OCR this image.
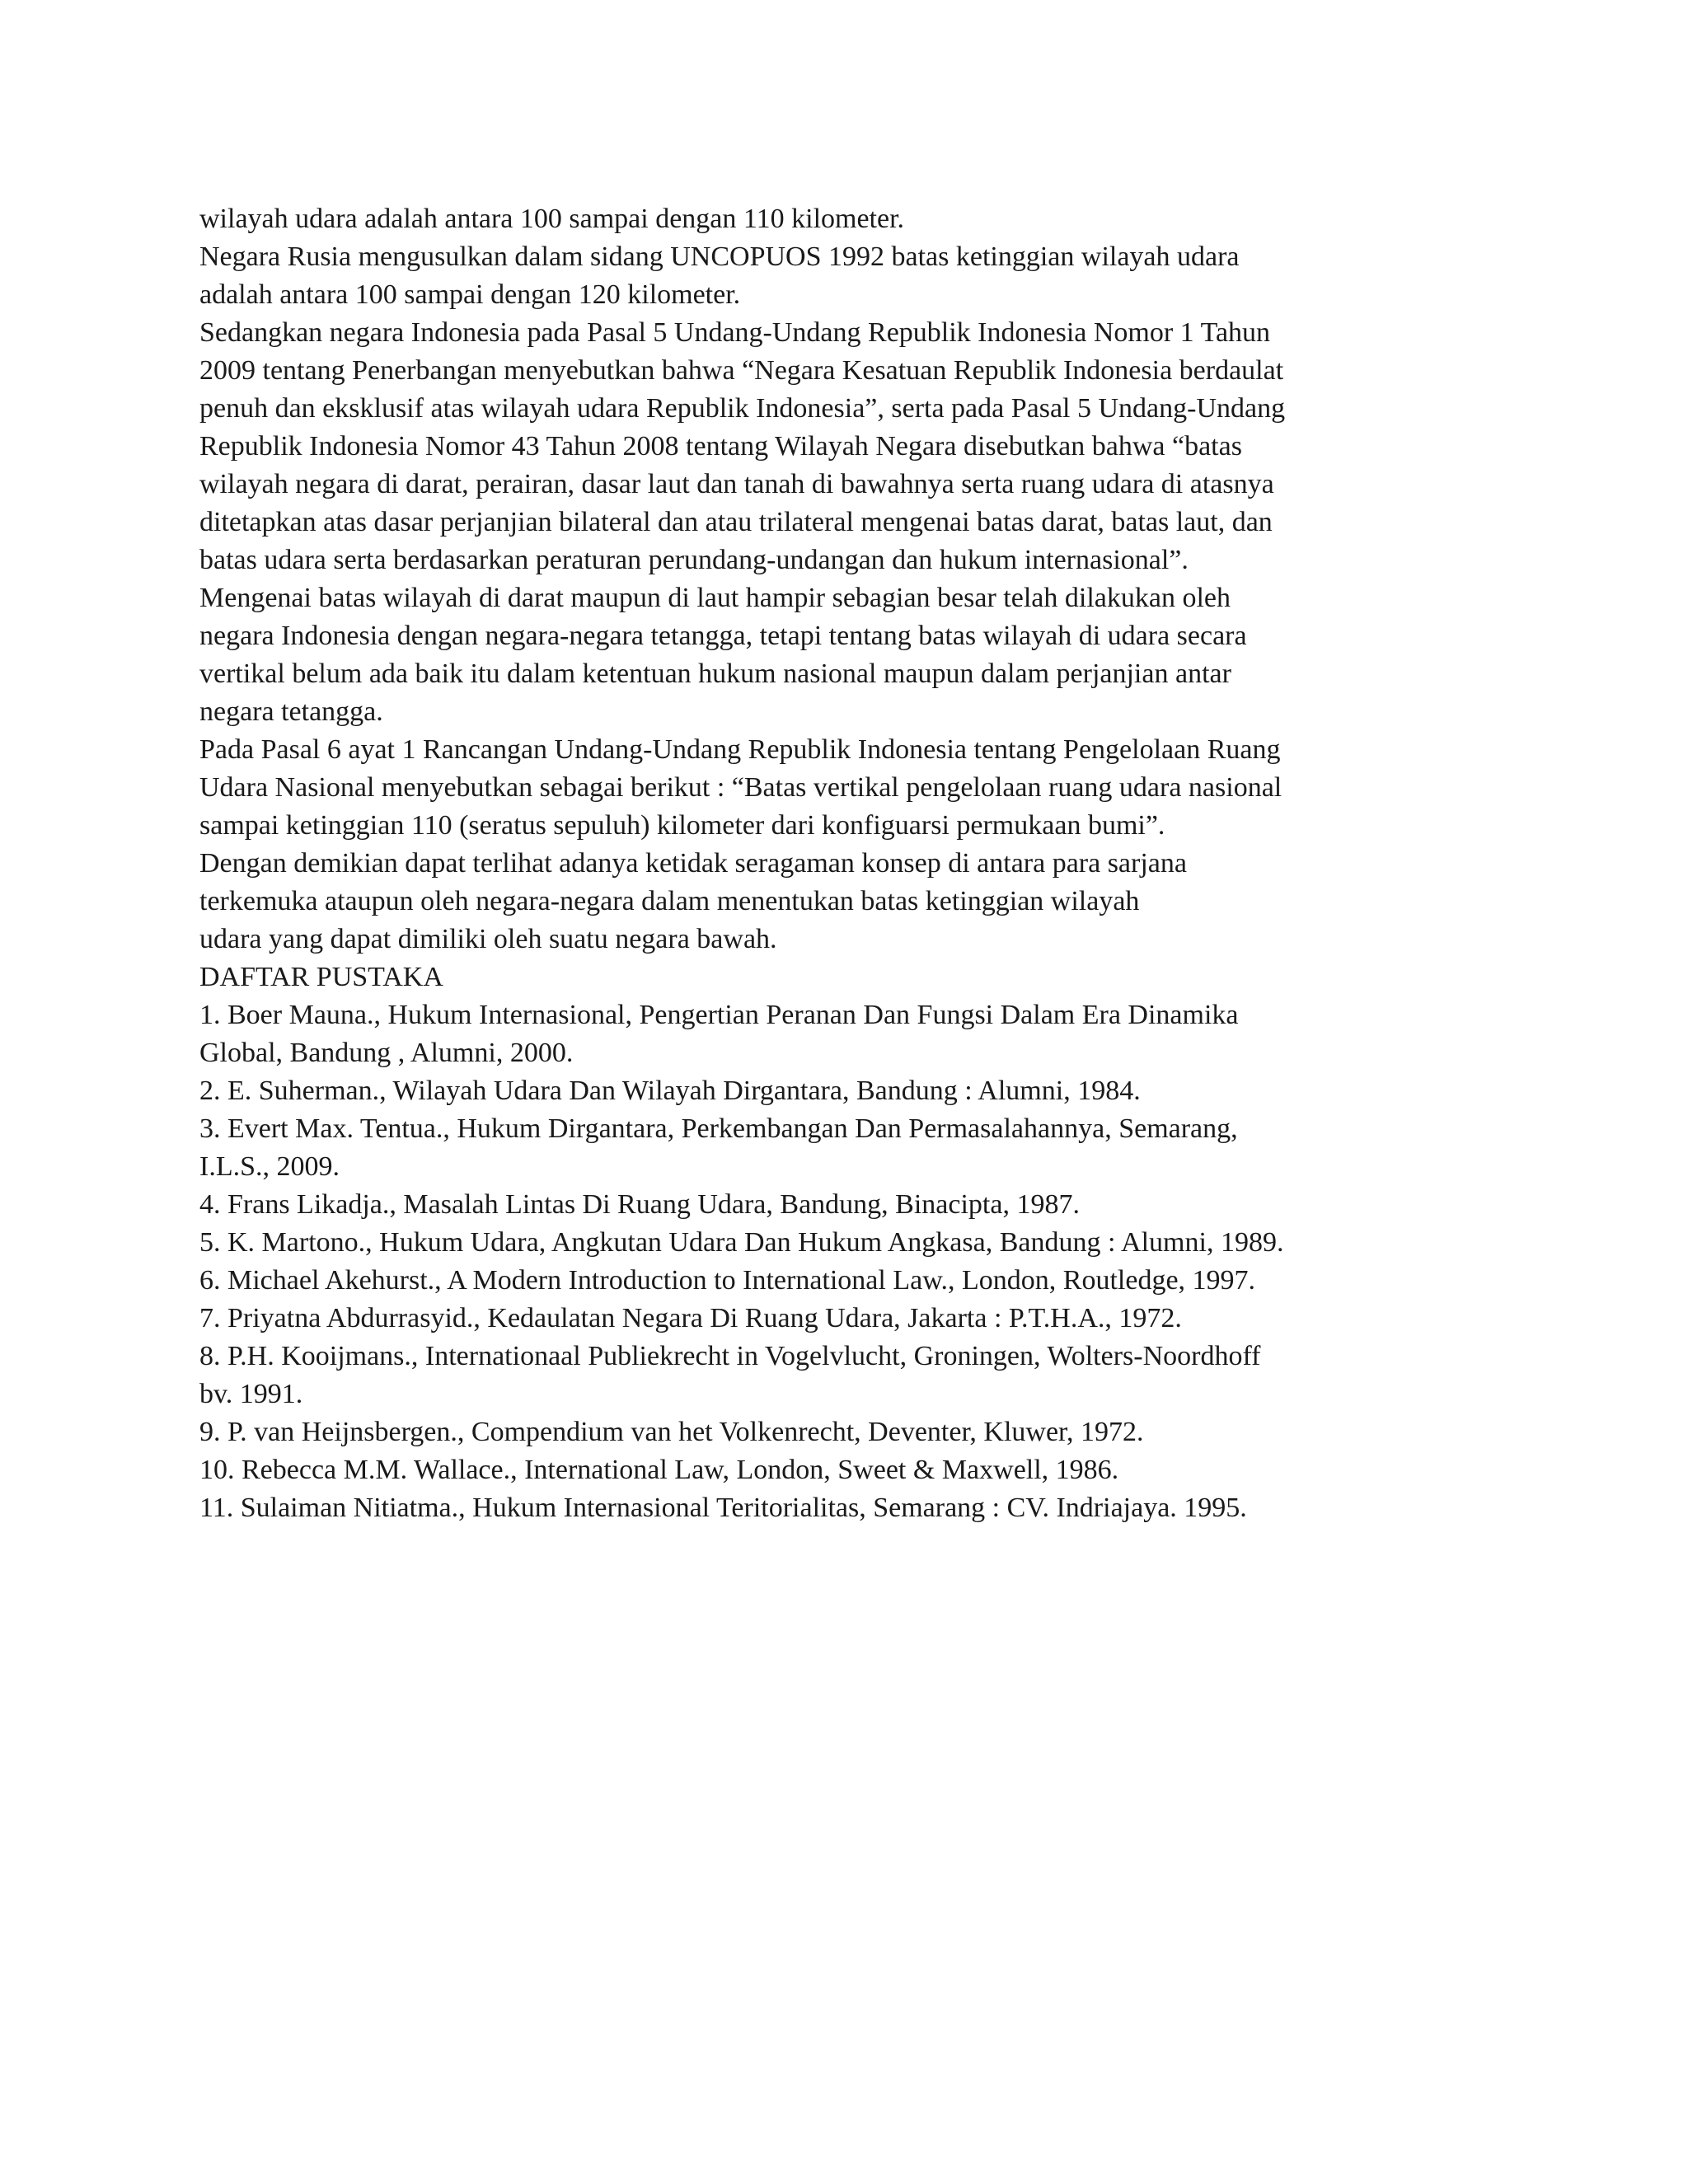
wilayah udara adalah antara 100 sampai dengan 110 kilometer.
Negara Rusia mengusulkan dalam sidang UNCOPUOS 1992 batas ketinggian wilayah udara
adalah antara 100 sampai dengan 120 kilometer.
Sedangkan negara Indonesia pada Pasal 5 Undang-Undang Republik Indonesia Nomor 1 Tahun
2009 tentang Penerbangan menyebutkan bahwa “Negara Kesatuan Republik Indonesia berdaulat
penuh dan eksklusif atas wilayah udara Republik Indonesia”, serta pada Pasal 5 Undang-Undang
Republik Indonesia Nomor 43 Tahun 2008 tentang Wilayah Negara disebutkan bahwa “batas
wilayah negara di darat, perairan, dasar laut dan tanah di bawahnya serta ruang udara di atasnya
ditetapkan atas dasar perjanjian bilateral dan atau trilateral mengenai batas darat, batas laut, dan
batas udara serta berdasarkan peraturan perundang-undangan dan hukum internasional”.
Mengenai batas wilayah di darat maupun di laut hampir sebagian besar telah dilakukan oleh
negara Indonesia dengan negara-negara tetangga, tetapi tentang batas wilayah di udara secara
vertikal belum ada baik itu dalam ketentuan hukum nasional maupun dalam perjanjian antar
negara tetangga.
Pada Pasal 6 ayat 1 Rancangan Undang-Undang Republik Indonesia tentang Pengelolaan Ruang
Udara Nasional menyebutkan sebagai berikut : “Batas vertikal pengelolaan ruang udara nasional
sampai ketinggian 110 (seratus sepuluh) kilometer dari konfiguarsi permukaan bumi”.
Dengan demikian dapat terlihat adanya ketidak seragaman konsep di antara para sarjana
terkemuka ataupun oleh negara-negara dalam menentukan batas ketinggian wilayah
udara yang dapat dimiliki oleh suatu negara bawah.
DAFTAR PUSTAKA
1. Boer Mauna., Hukum Internasional, Pengertian Peranan Dan Fungsi Dalam Era Dinamika
Global, Bandung , Alumni, 2000.
2. E. Suherman., Wilayah Udara Dan Wilayah Dirgantara, Bandung : Alumni, 1984.
3. Evert Max. Tentua., Hukum Dirgantara, Perkembangan Dan Permasalahannya, Semarang,
I.L.S., 2009.
4. Frans Likadja., Masalah Lintas Di Ruang Udara, Bandung, Binacipta, 1987.
5. K. Martono., Hukum Udara, Angkutan Udara Dan Hukum Angkasa, Bandung : Alumni, 1989.
6. Michael Akehurst., A Modern Introduction to International Law., London, Routledge, 1997.
7. Priyatna Abdurrasyid., Kedaulatan Negara Di Ruang Udara, Jakarta : P.T.H.A., 1972.
8. P.H. Kooijmans., Internationaal Publiekrecht in Vogelvlucht, Groningen, Wolters-Noordhoff
bv. 1991.
9. P. van Heijnsbergen., Compendium van het Volkenrecht, Deventer, Kluwer, 1972.
10. Rebecca M.M. Wallace., International Law, London, Sweet & Maxwell, 1986.
11. Sulaiman Nitiatma., Hukum Internasional Teritorialitas, Semarang : CV. Indriajaya. 1995.
